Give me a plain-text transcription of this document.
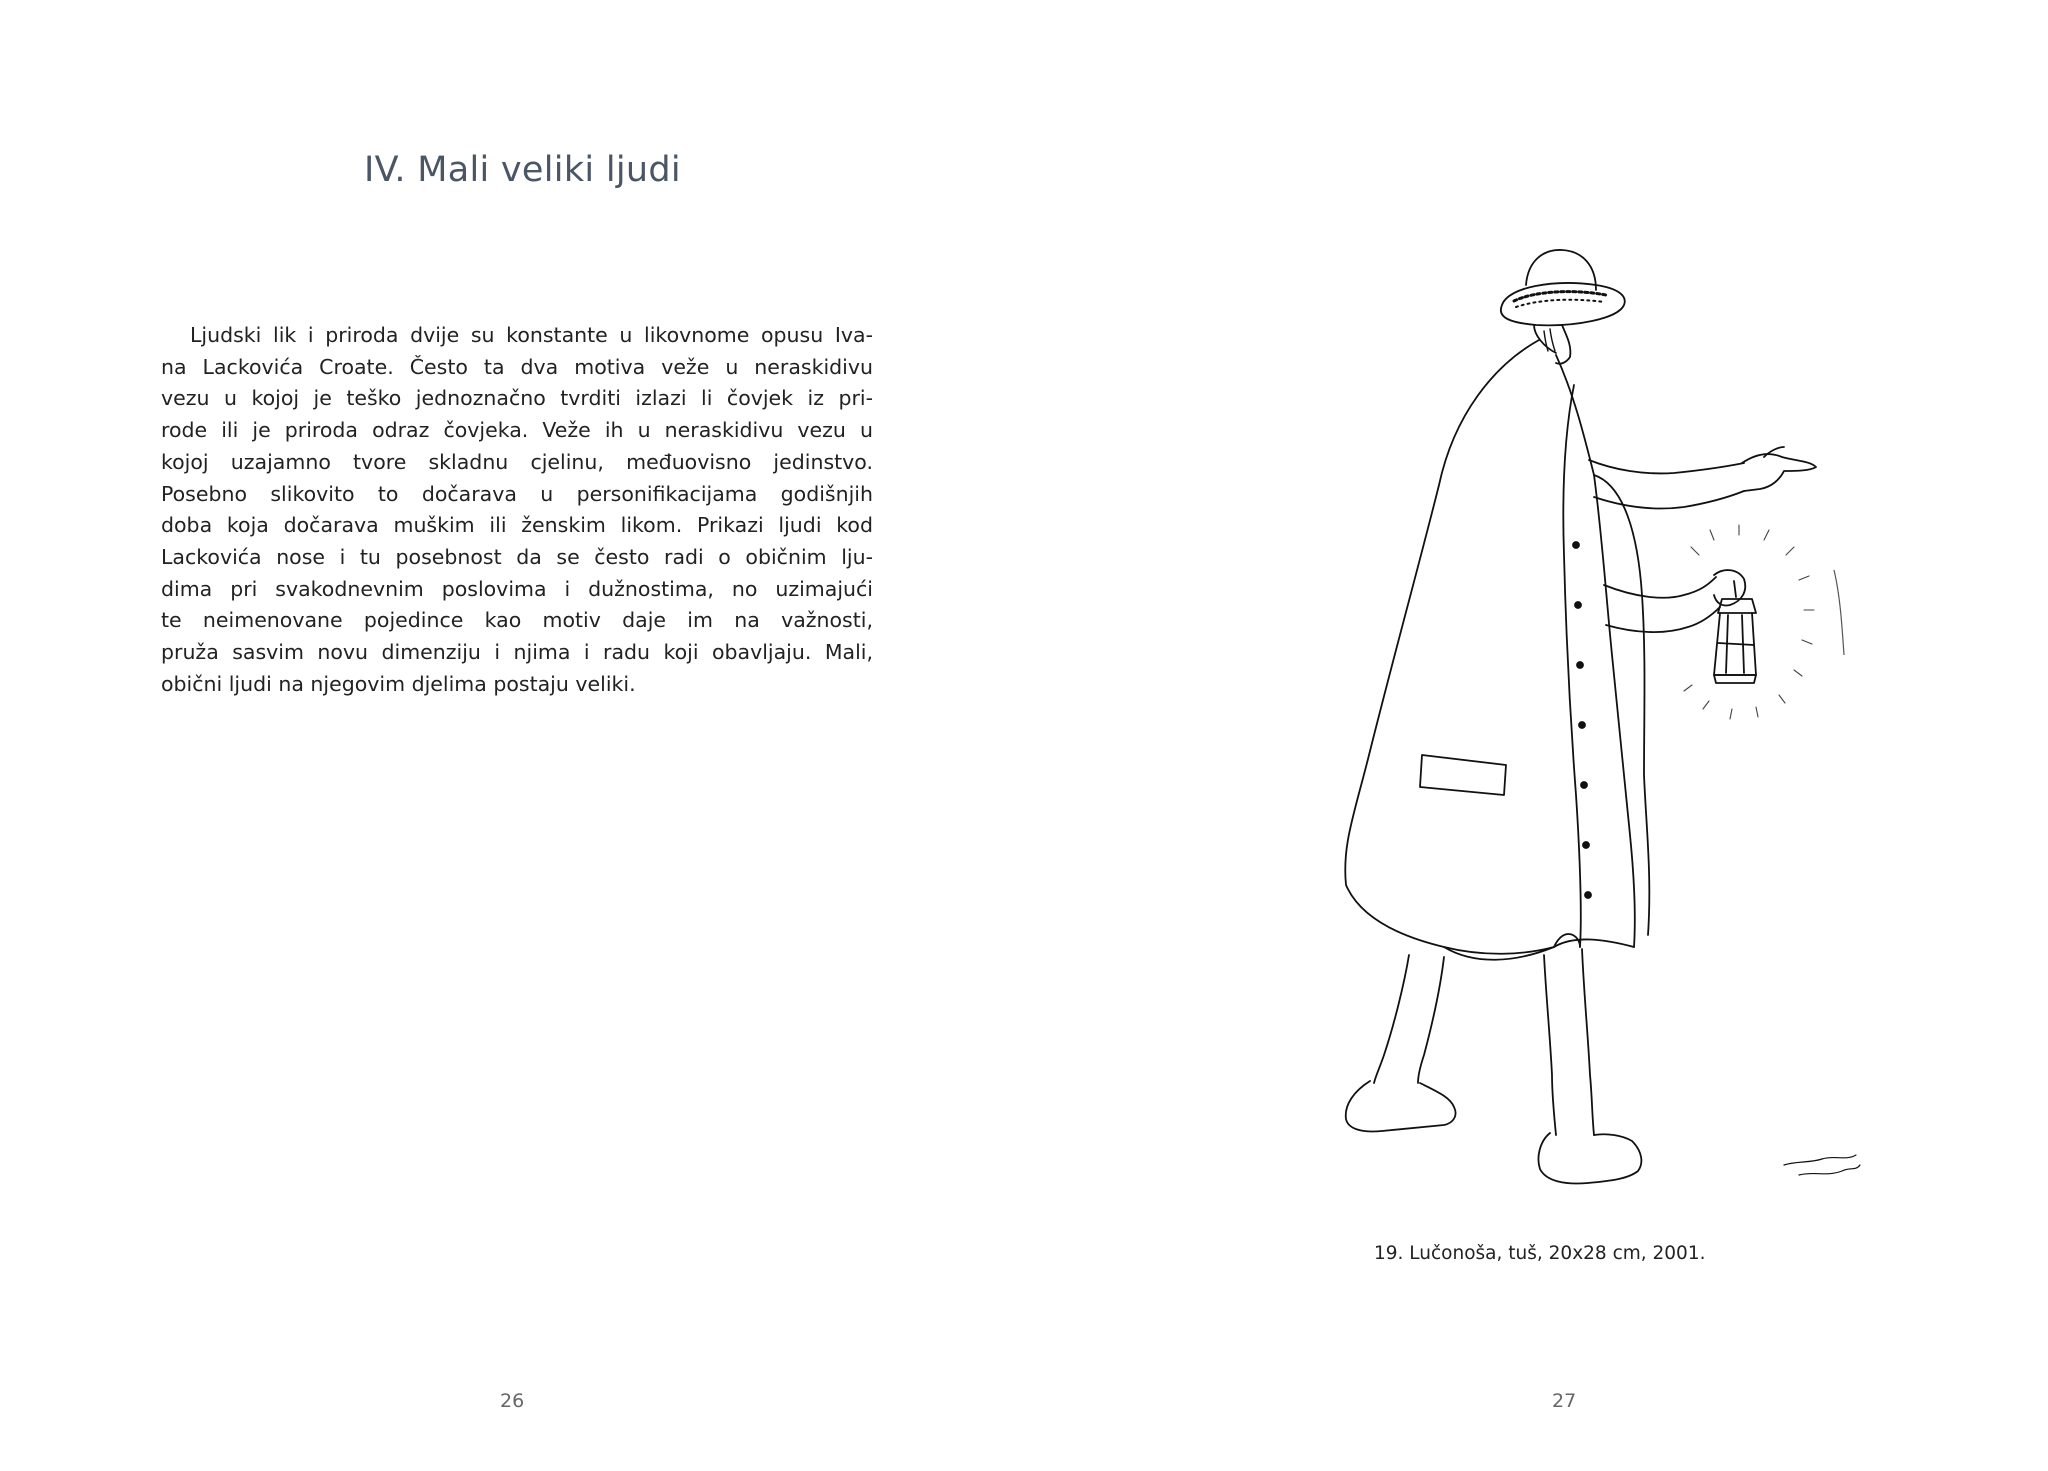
IV. Mali veliki ljudi

Ljudski lik i priroda dvije su konstante u likovnome opusu Iva-
na Lackovića Croate. Često ta dva motiva veže u neraskidivu
vezu u kojoj je teško jednoznačno tvrditi izlazi li čovjek iz pri-
rode ili je priroda odraz čovjeka. Veže ih u neraskidivu vezu u
kojoj uzajamno tvore skladnu cjelinu, međuovisno jedinstvo.
Posebno slikovito to dočarava u personifikacijama godišnjih
doba koja dočarava muškim ili ženskim likom. Prikazi ljudi kod
Lackovića nose i tu posebnost da se često radi o običnim lju-
dima pri svakodnevnim poslovima i dužnostima, no uzimajući
te neimenovane pojedince kao motiv daje im na važnosti,
pruža sasvim novu dimenziju i njima i radu koji obavljaju. Mali,
obični ljudi na njegovim djelima postaju veliki.

26

19. Lučonoša, tuš, 20x28 cm, 2001.

27
